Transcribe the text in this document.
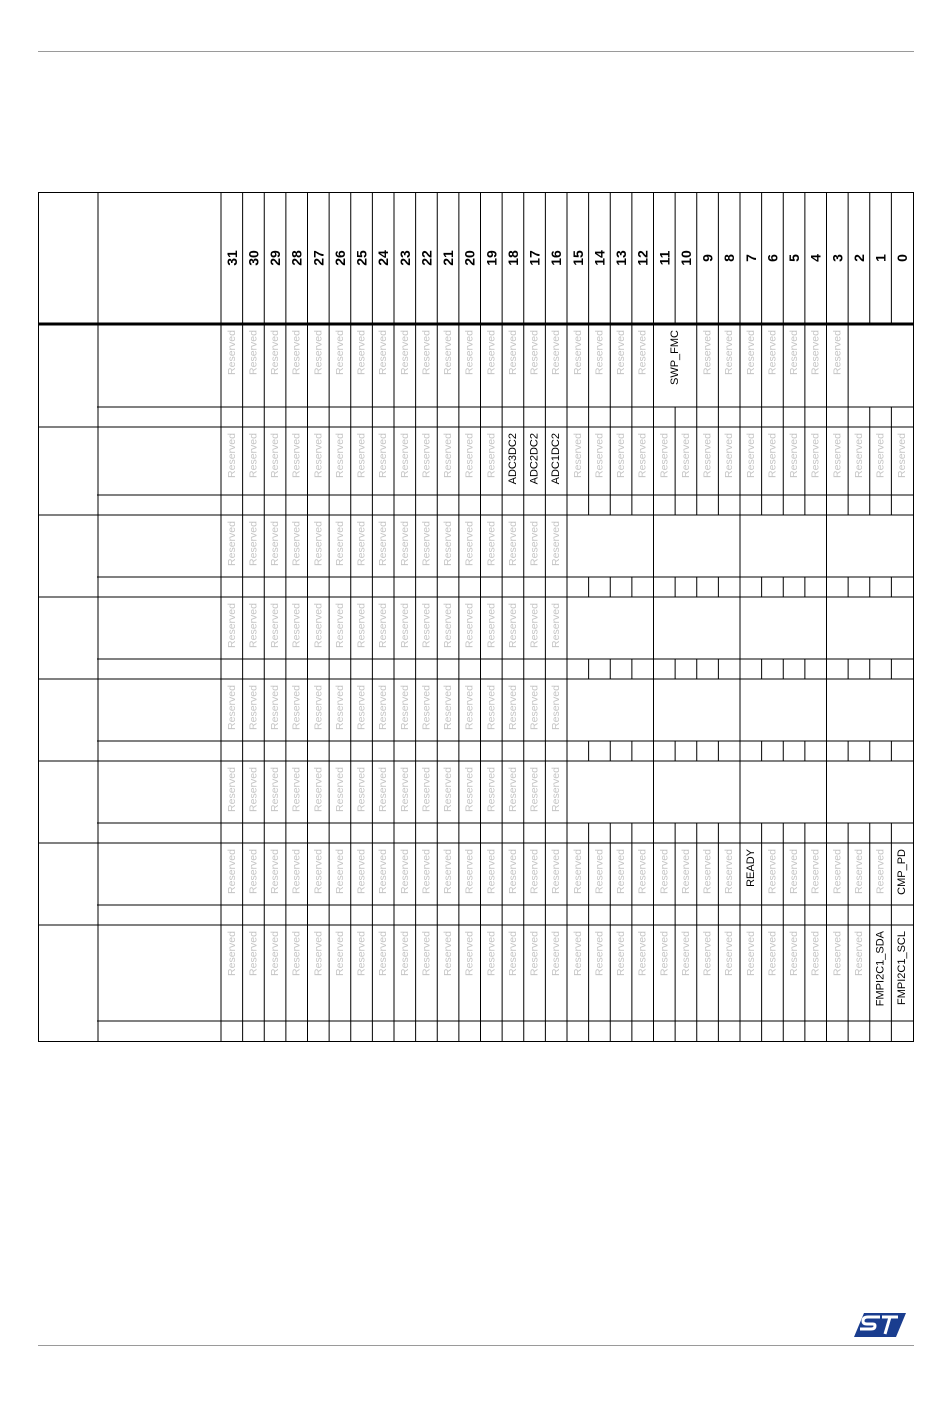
31 30 29 28 27 26 25 24 23 22 21 20 19 18 17 16 15 14 13 12 11 10 9 8 7 6 5 4 3 2 1 0
Reserved Reserved Reserved Reserved Reserved Reserved Reserved Reserved Reserved Reserved Reserved Reserved Reserved Reserved Reserved Reserved Reserved Reserved Reserved Reserved SWP_FMC Reserved Reserved Reserved Reserved Reserved Reserved Reserved
Reserved Reserved Reserved Reserved Reserved Reserved Reserved Reserved Reserved Reserved Reserved Reserved Reserved ADC3DC2 ADC2DC2 ADC1DC2 Reserved Reserved Reserved Reserved Reserved Reserved Reserved Reserved Reserved Reserved Reserved Reserved Reserved Reserved Reserved Reserved
Reserved Reserved Reserved Reserved Reserved Reserved Reserved Reserved Reserved Reserved Reserved Reserved Reserved Reserved Reserved Reserved
Reserved Reserved Reserved Reserved Reserved Reserved Reserved Reserved Reserved Reserved Reserved Reserved Reserved Reserved Reserved Reserved
Reserved Reserved Reserved Reserved Reserved Reserved Reserved Reserved Reserved Reserved Reserved Reserved Reserved Reserved Reserved Reserved
Reserved Reserved Reserved Reserved Reserved Reserved Reserved Reserved Reserved Reserved Reserved Reserved Reserved Reserved Reserved Reserved
Reserved Reserved Reserved Reserved Reserved Reserved Reserved Reserved Reserved Reserved Reserved Reserved Reserved Reserved Reserved Reserved Reserved Reserved Reserved Reserved Reserved Reserved Reserved Reserved READY Reserved Reserved Reserved Reserved Reserved Reserved CMP_PD
Reserved Reserved Reserved Reserved Reserved Reserved Reserved Reserved Reserved Reserved Reserved Reserved Reserved Reserved Reserved Reserved Reserved Reserved Reserved Reserved Reserved Reserved Reserved Reserved Reserved Reserved Reserved Reserved Reserved Reserved FMPI2C1_SDA FMPI2C1_SCL
